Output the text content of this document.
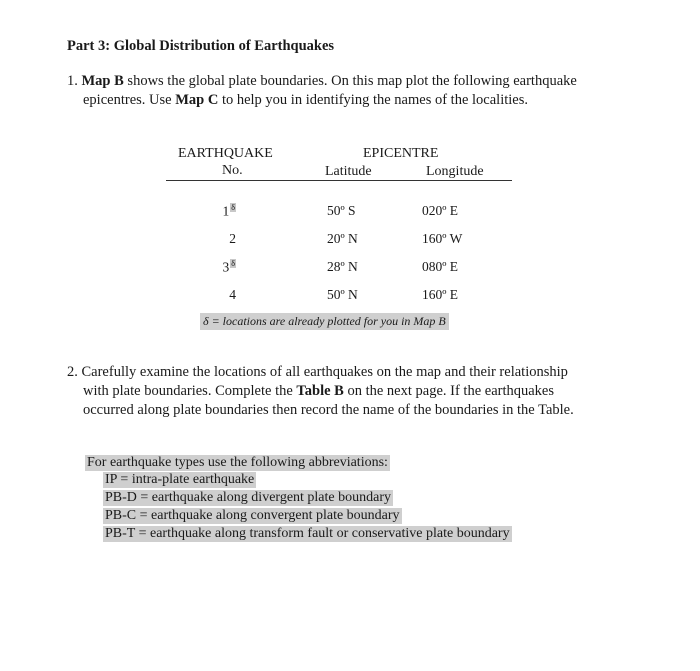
Part 3: Global Distribution of Earthquakes
1. Map B shows the global plate boundaries. On this map plot the following earthquake
epicentres. Use Map C to help you in identifying the names of the localities.
EARTHQUAKE
No.
EPICENTRE
Latitude	Longitude
1 $^\delta$	50º S	020º E
2	20º N	160º W
3 $^\delta$	28º N	080º E
4	50º N	160º E
δ = locations are already plotted for you in Map B
2. Carefully examine the locations of all earthquakes on the map and their relationship
with plate boundaries. Complete the Table B on the next page. If the earthquakes
occurred along plate boundaries then record the name of the boundaries in the Table.
For earthquake types use the following abbreviations:
IP = intra-plate earthquake
PB-D = earthquake along divergent plate boundary
PB-C = earthquake along convergent plate boundary
PB-T = earthquake along transform fault or conservative plate boundary
